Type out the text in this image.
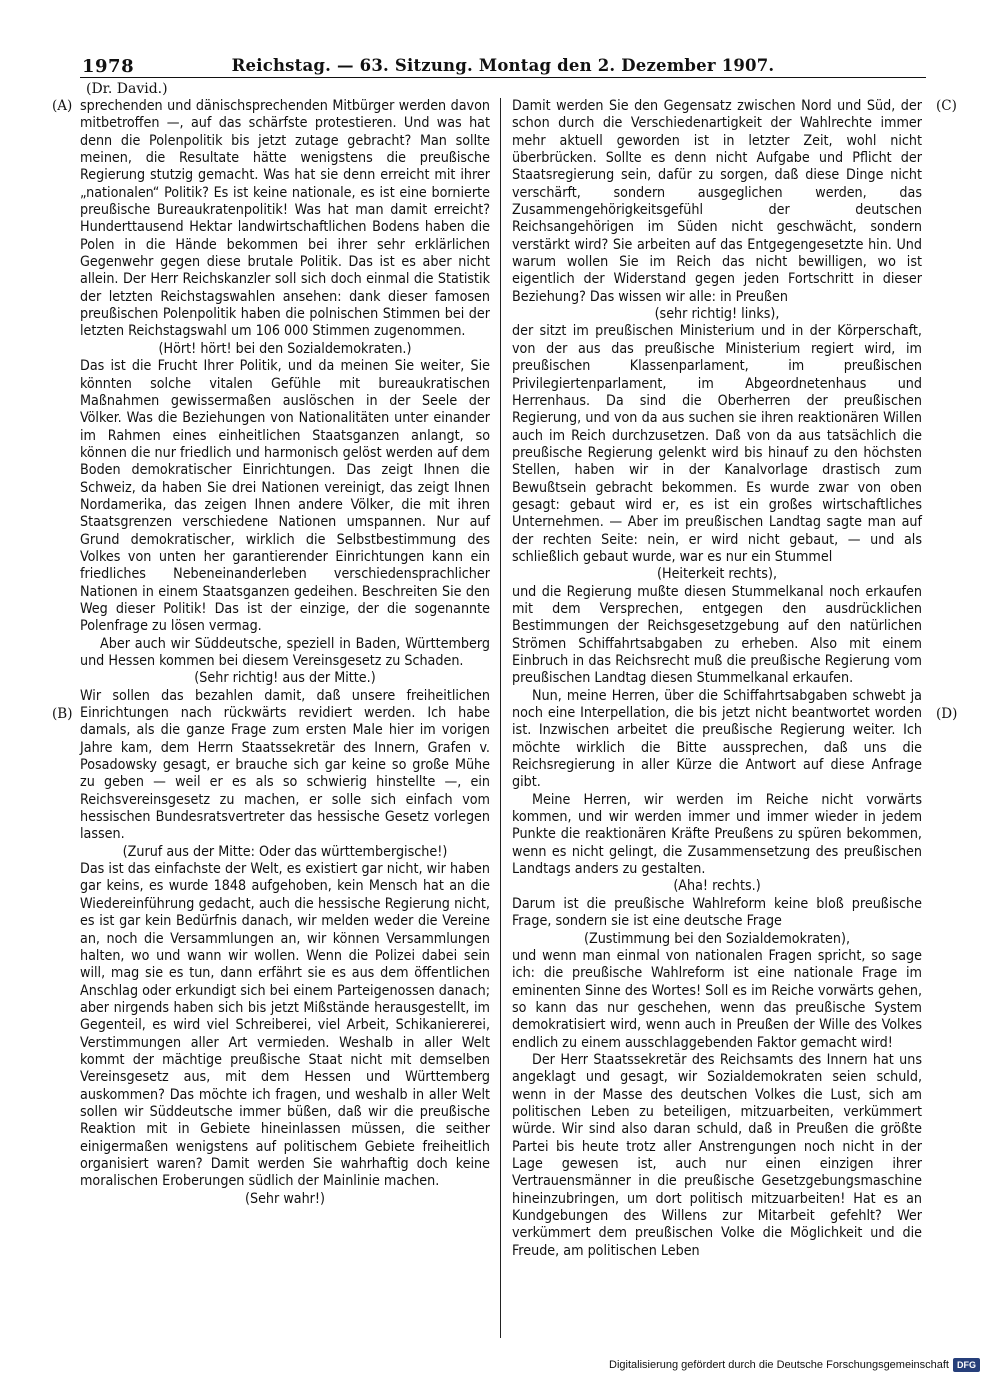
1978	Reichstag. — 63. Sitzung. Montag den 2. Dezember 1907.
(Dr. David.)

sprechenden und dänischsprechenden Mitbürger werden davon mitbetroffen —, auf das schärfste protestieren. Und was hat denn die Polenpolitik bis jetzt zutage gebracht? Man sollte meinen, die Resultate hätte wenigstens die preußische Regierung stutzig gemacht. Was hat sie denn erreicht mit ihrer „nationalen“ Politik? Es ist keine nationale, es ist eine bornierte preußische Bureaukratenpolitik! Was hat man damit erreicht? Hunderttausend Hektar landwirtschaftlichen Bodens haben die Polen in die Hände bekommen bei ihrer sehr erklärlichen Gegenwehr gegen diese brutale Politik. Das ist es aber nicht allein. Der Herr Reichskanzler soll sich doch einmal die Statistik der letzten Reichstagswahlen ansehen: dank dieser famosen preußischen Polenpolitik haben die polnischen Stimmen bei der letzten Reichstagswahl um 106 000 Stimmen zugenommen.

(Hört! hört! bei den Sozialdemokraten.)

Das ist die Frucht Ihrer Politik, und da meinen Sie weiter, Sie könnten solche vitalen Gefühle mit bureaukratischen Maßnahmen gewissermaßen auslöschen in der Seele der Völker. Was die Beziehungen von Nationalitäten unter einander im Rahmen eines einheitlichen Staatsganzen anlangt, so können die nur friedlich und harmonisch gelöst werden auf dem Boden demokratischer Einrichtungen. Das zeigt Ihnen die Schweiz, da haben Sie drei Nationen vereinigt, das zeigt Ihnen Nordamerika, das zeigen Ihnen andere Völker, die mit ihren Staatsgrenzen verschiedene Nationen umspannen. Nur auf Grund demokratischer, wirklich die Selbstbestimmung des Volkes von unten her garantierender Einrichtungen kann ein friedliches Nebeneinanderleben verschiedensprachlicher Nationen in einem Staatsganzen gedeihen. Beschreiten Sie den Weg dieser Politik! Das ist der einzige, der die sogenannte Polenfrage zu lösen vermag.

Aber auch wir Süddeutsche, speziell in Baden, Württemberg und Hessen kommen bei diesem Vereinsgesetz zu Schaden.

(Sehr richtig! aus der Mitte.)

Wir sollen das bezahlen damit, daß unsere freiheitlichen Einrichtungen nach rückwärts revidiert werden. Ich habe damals, als die ganze Frage zum ersten Male hier im vorigen Jahre kam, dem Herrn Staatssekretär des Innern, Grafen v. Posadowsky gesagt, er brauche sich gar keine so große Mühe zu geben — weil er es als so schwierig hinstellte —, ein Reichsvereinsgesetz zu machen, er solle sich einfach vom hessischen Bundesratsvertreter das hessische Gesetz vorlegen lassen.

(Zuruf aus der Mitte: Oder das württembergische!)

Das ist das einfachste der Welt, es existiert gar nicht, wir haben gar keins, es wurde 1848 aufgehoben, kein Mensch hat an die Wiedereinführung gedacht, auch die hessische Regierung nicht, es ist gar kein Bedürfnis danach, wir melden weder die Vereine an, noch die Versammlungen an, wir können Versammlungen halten, wo und wann wir wollen. Wenn die Polizei dabei sein will, mag sie es tun, dann erfährt sie es aus dem öffentlichen Anschlag oder erkundigt sich bei einem Parteigenossen danach; aber nirgends haben sich bis jetzt Mißstände herausgestellt, im Gegenteil, es wird viel Schreiberei, viel Arbeit, Schikaniererei, Verstimmungen aller Art vermieden. Weshalb in aller Welt kommt der mächtige preußische Staat nicht mit demselben Vereinsgesetz aus, mit dem Hessen und Württemberg auskommen? Das möchte ich fragen, und weshalb in aller Welt sollen wir Süddeutsche immer büßen, daß wir die preußische Reaktion mit in Gebiete hineinlassen müssen, die seither einigermaßen wenigstens auf politischem Gebiete freiheitlich organisiert waren? Damit werden Sie wahrhaftig doch keine moralischen Eroberungen südlich der Mainlinie machen.

(Sehr wahr!)

Damit werden Sie den Gegensatz zwischen Nord und Süd, der schon durch die Verschiedenartigkeit der Wahlrechte immer mehr aktuell geworden ist in letzter Zeit, wohl nicht überbrücken. Sollte es denn nicht Aufgabe und Pflicht der Staatsregierung sein, dafür zu sorgen, daß diese Dinge nicht verschärft, sondern ausgeglichen werden, das Zusammengehörigkeitsgefühl der deutschen Reichsangehörigen im Süden nicht geschwächt, sondern verstärkt wird? Sie arbeiten auf das Entgegengesetzte hin. Und warum wollen Sie im Reich das nicht bewilligen, wo ist eigentlich der Widerstand gegen jeden Fortschritt in dieser Beziehung? Das wissen wir alle: in Preußen

(sehr richtig! links),

der sitzt im preußischen Ministerium und in der Körperschaft, von der aus das preußische Ministerium regiert wird, im preußischen Klassenparlament, im preußischen Privilegiertenparlament, im Abgeordnetenhaus und Herrenhaus. Da sind die Oberherren der preußischen Regierung, und von da aus suchen sie ihren reaktionären Willen auch im Reich durchzusetzen. Daß von da aus tatsächlich die preußische Regierung gelenkt wird bis hinauf zu den höchsten Stellen, haben wir in der Kanalvorlage drastisch zum Bewußtsein gebracht bekommen. Es wurde zwar von oben gesagt: gebaut wird er, es ist ein großes wirtschaftliches Unternehmen. — Aber im preußischen Landtag sagte man auf der rechten Seite: nein, er wird nicht gebaut, — und als schließlich gebaut wurde, war es nur ein Stummel

(Heiterkeit rechts),

und die Regierung mußte diesen Stummelkanal noch erkaufen mit dem Versprechen, entgegen den ausdrücklichen Bestimmungen der Reichsgesetzgebung auf den natürlichen Strömen Schiffahrtsabgaben zu erheben. Also mit einem Einbruch in das Reichsrecht muß die preußische Regierung vom preußischen Landtag diesen Stummelkanal erkaufen.

Nun, meine Herren, über die Schiffahrtsabgaben schwebt ja noch eine Interpellation, die bis jetzt nicht beantwortet worden ist. Inzwischen arbeitet die preußische Regierung weiter. Ich möchte wirklich die Bitte aussprechen, daß uns die Reichsregierung in aller Kürze die Antwort auf diese Anfrage gibt.

Meine Herren, wir werden im Reiche nicht vorwärts kommen, und wir werden immer und immer wieder in jedem Punkte die reaktionären Kräfte Preußens zu spüren bekommen, wenn es nicht gelingt, die Zusammensetzung des preußischen Landtags anders zu gestalten.

(Aha! rechts.)

Darum ist die preußische Wahlreform keine bloß preußische Frage, sondern sie ist eine deutsche Frage

(Zustimmung bei den Sozialdemokraten),

und wenn man einmal von nationalen Fragen spricht, so sage ich: die preußische Wahlreform ist eine nationale Frage im eminenten Sinne des Wortes! Soll es im Reiche vorwärts gehen, so kann das nur geschehen, wenn das preußische System demokratisiert wird, wenn auch in Preußen der Wille des Volkes endlich zu einem ausschlaggebenden Faktor gemacht wird!

Der Herr Staatssekretär des Reichsamts des Innern hat uns angeklagt und gesagt, wir Sozialdemokraten seien schuld, wenn in der Masse des deutschen Volkes die Lust, sich am politischen Leben zu beteiligen, mitzuarbeiten, verkümmert würde. Wir sind also daran schuld, daß in Preußen die größte Partei bis heute trotz aller Anstrengungen noch nicht in der Lage gewesen ist, auch nur einen einzigen ihrer Vertrauensmänner in die preußische Gesetzgebungsmaschine hineinzubringen, um dort politisch mitzuarbeiten! Hat es an Kundgebungen des Willens zur Mitarbeit gefehlt? Wer verkümmert dem preußischen Volke die Möglichkeit und die Freude, am politischen Leben

(A)
(B)
(C)
(D)
Digitalisierung gefördert durch die Deutsche Forschungsgemeinschaft DFG
